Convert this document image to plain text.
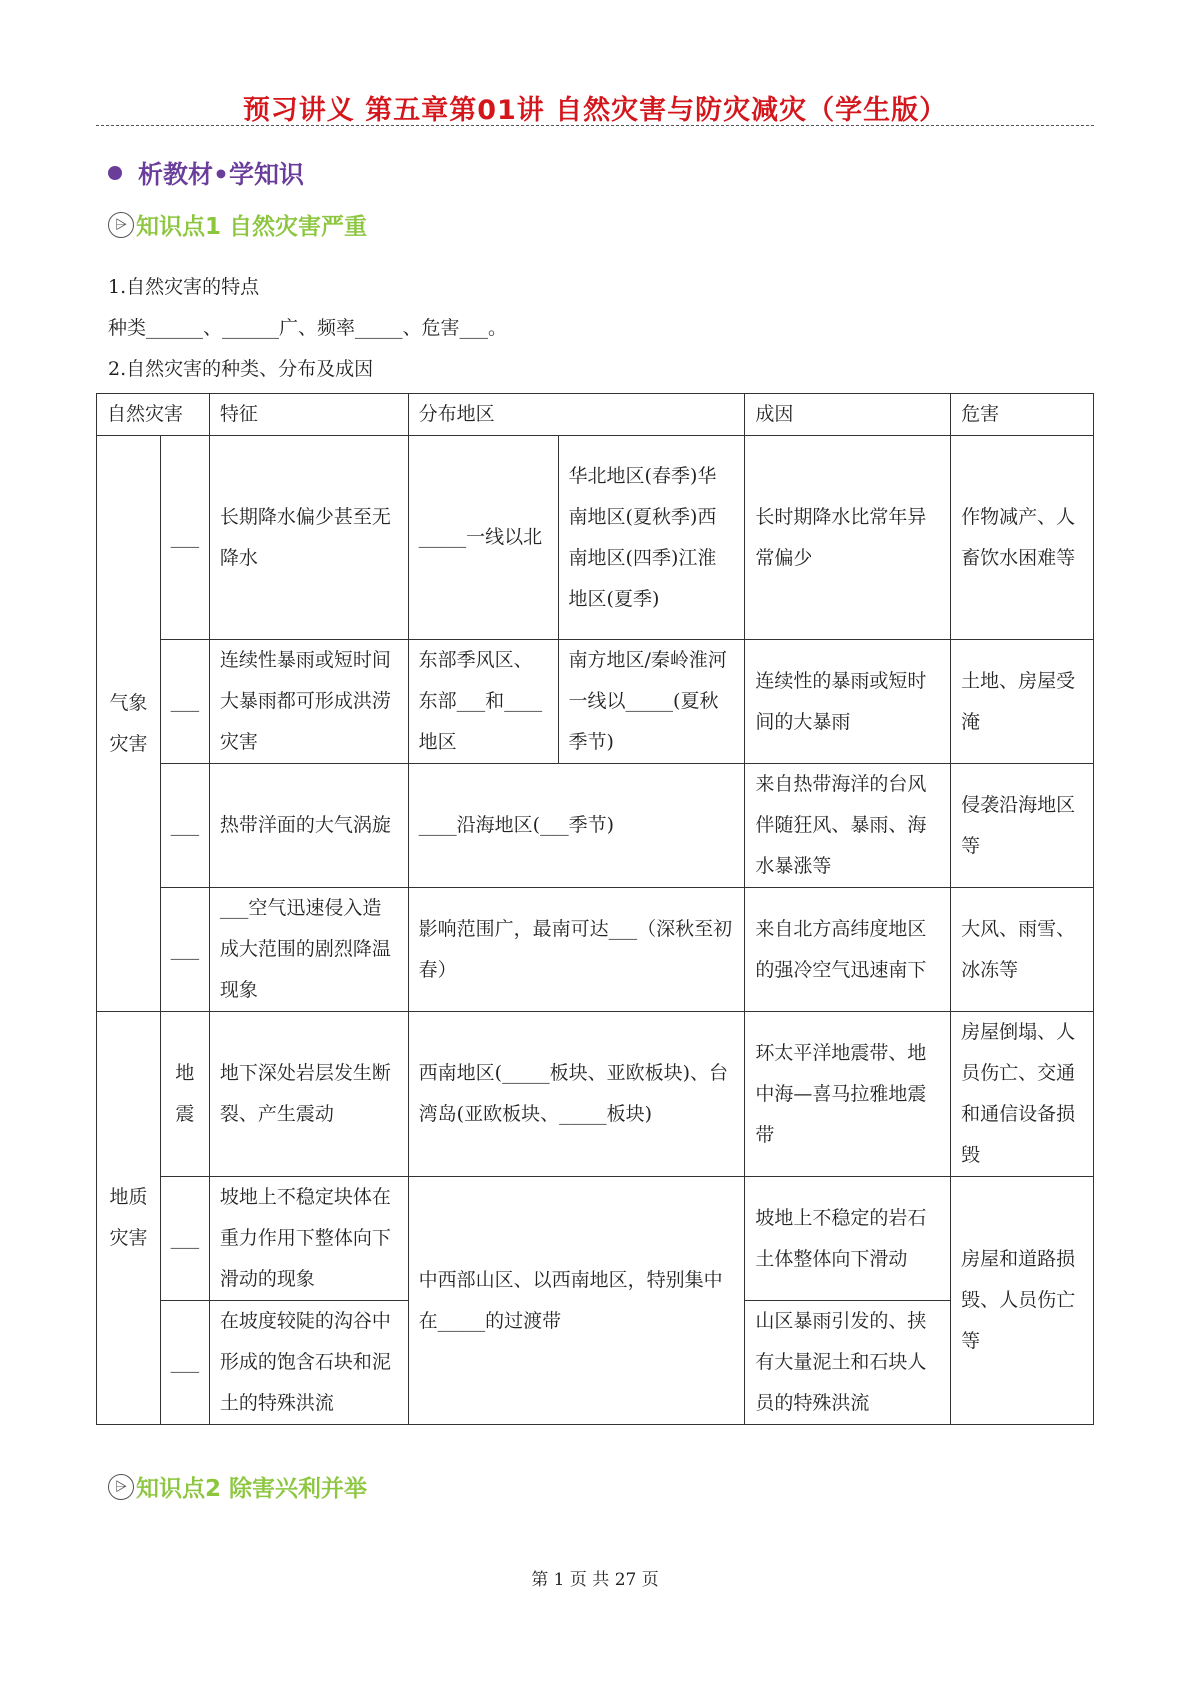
预习讲义 第五章第01讲 自然灾害与防灾减灾（学生版）
析教材•学知识
⩥ 知识点1 自然灾害严重
1.自然灾害的特点
种类______、______广、频率_____、危害___。
2.自然灾害的种类、分布及成因
自然灾害		特征	分布地区		成因	危害
气象灾害	___	长期降水偏少甚至无降水	_____一线以北	华北地区(春季)华南地区(夏秋季)西南地区(四季)江淮地区(夏季)	长时期降水比常年异常偏少	作物减产、人畜饮水困难等
	___	连续性暴雨或短时间大暴雨都可形成洪涝灾害	东部季风区、东部___和____地区	南方地区/秦岭淮河一线以_____(夏秋季节)	连续性的暴雨或短时间的大暴雨	土地、房屋受淹
	___	热带洋面的大气涡旋	____沿海地区(___季节)		来自热带海洋的台风伴随狂风、暴雨、海水暴涨等	侵袭沿海地区等
	___	___空气迅速侵入造成大范围的剧烈降温现象	影响范围广，最南可达___（深秋至初春）		来自北方高纬度地区的强冷空气迅速南下	大风、雨雪、冰冻等
地质灾害	地震	地下深处岩层发生断裂、产生震动	西南地区(_____板块、亚欧板块)、台湾岛(亚欧板块、_____板块)		环太平洋地震带、地中海—喜马拉雅地震带	房屋倒塌、人员伤亡、交通和通信设备损毁
	___	坡地上不稳定块体在重力作用下整体向下滑动的现象	中西部山区、以西南地区，特别集中在_____的过渡带		坡地上不稳定的岩石土体整体向下滑动	房屋和道路损毁、人员伤亡等
	___	在坡度较陡的沟谷中形成的饱含石块和泥土的特殊洪流			山区暴雨引发的、挟有大量泥土和石块人员的特殊洪流	
⩥ 知识点2 除害兴利并举
第 1 页 共 27 页
